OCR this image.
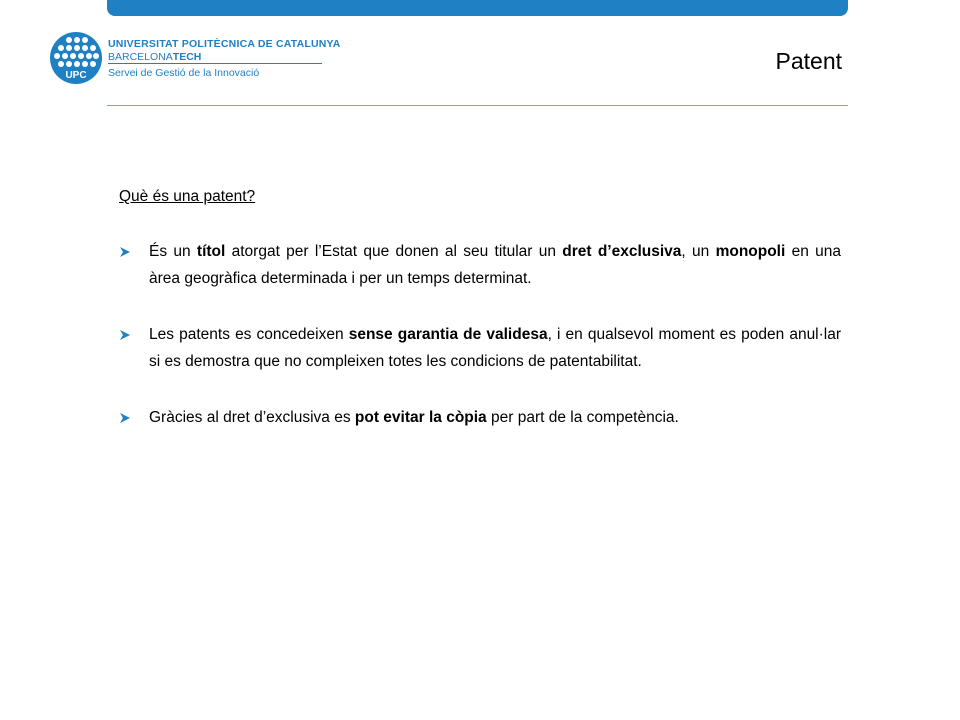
UPC
UNIVERSITAT POLITÈCNICA DE CATALUNYA
BARCELONATECH
Servei de Gestió de la Innovació	Patent

Què és una patent?

És un títol atorgat per l’Estat que donen al seu titular un dret d’exclusiva, un monopoli en una àrea geogràfica determinada i per un temps determinat.
Les patents es concedeixen sense garantia de validesa, i en qualsevol moment es poden anul·lar si es demostra que no compleixen totes les condicions de patentabilitat.
Gràcies al dret d’exclusiva es pot evitar la còpia per part de la competència.
